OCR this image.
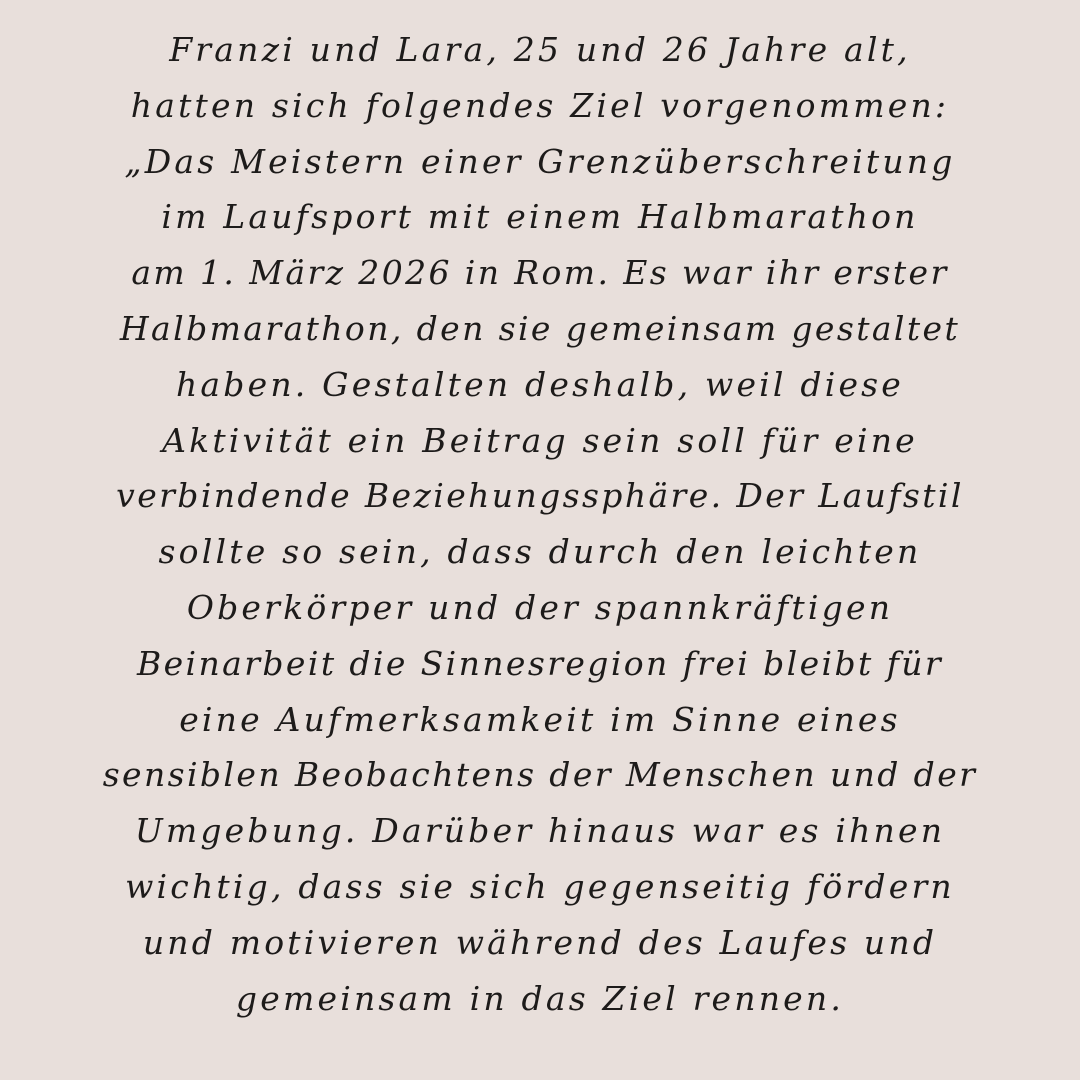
Franzi und Lara, 25 und 26 Jahre alt,
hatten sich folgendes Ziel vorgenommen:
„Das Meistern einer Grenzüberschreitung
im Laufsport mit einem Halbmarathon
am 1. März 2026 in Rom. Es war ihr erster
Halbmarathon, den sie gemeinsam gestaltet
haben. Gestalten deshalb, weil diese
Aktivität ein Beitrag sein soll für eine
verbindende Beziehungssphäre. Der Laufstil
sollte so sein, dass durch den leichten
Oberkörper und der spannkräftigen
Beinarbeit die Sinnesregion frei bleibt für
eine Aufmerksamkeit im Sinne eines
sensiblen Beobachtens der Menschen und der
Umgebung. Darüber hinaus war es ihnen
wichtig, dass sie sich gegenseitig fördern
und motivieren während des Laufes und
gemeinsam in das Ziel rennen.
